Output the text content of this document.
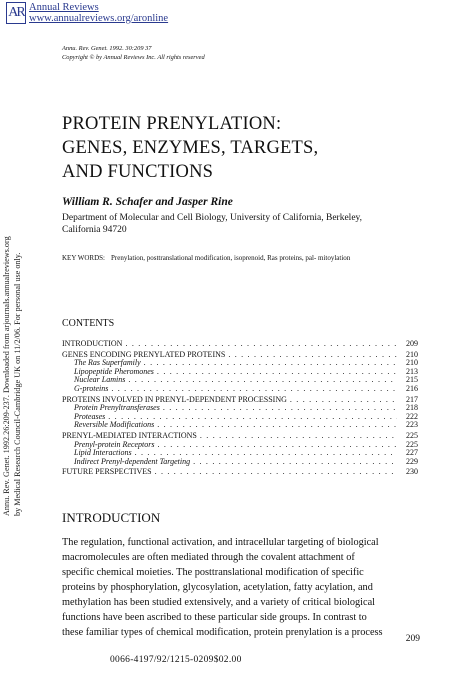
AR Annual Reviews
www.annualreviews.org/aronline
Annu. Rev. Genet. 1992.26:209-237. Downloaded from arjournals.annualreviews.org by Medical Research Council-Cambridge UK on 11/2/06. For personal use only.
Annu. Rev. Genet. 1992. 30:209 37
Copyright © by Annual Reviews Inc. All rights reserved
PROTEIN PRENYLATION:
GENES, ENZYMES, TARGETS,
AND FUNCTIONS
William R. Schafer and Jasper Rine
Department of Molecular and Cell Biology, University of California, Berkeley,
California 94720
KEY WORDS: Prenylation, posttranslational modification, isoprenoid, Ras proteins, pal- mitoylation
CONTENTS
INTRODUCTION . . .	209
GENES ENCODING PRENYLATED PROTEINS . . .	210
The Ras Superfamily . . .	210
Lipopeptide Pheromones . . .	213
Nuclear Lamins . . .	215
G-proteins . . .	216
PROTEINS INVOLVED IN PRENYL-DEPENDENT PROCESSING . . .	217
Protein Prenyltransferases . . .	218
Proteases . . .	222
Reversible Modifications . . .	223
PRENYL-MEDIATED INTERACTIONS . . .	225
Prenyl-protein Receptors . . .	225
Lipid Interactions . . .	227
Indirect Prenyl-dependent Targeting . . .	229
FUTURE PERSPECTIVES . . .	230
INTRODUCTION
The regulation, functional activation, and intracellular targeting of biological
macromolecules are often mediated through the covalent attachment of
specific chemical moieties. The posttranslational modification of specific
proteins by phosphorylation, glycosylation, acetylation, fatty acylation, and
methylation has been studied extensively, and a variety of critical biological
functions have been ascribed to these particular side groups. In contrast to
these familiar types of chemical modification, protein prenylation is a process
209
0066-4197/92/1215-0209$02.00
